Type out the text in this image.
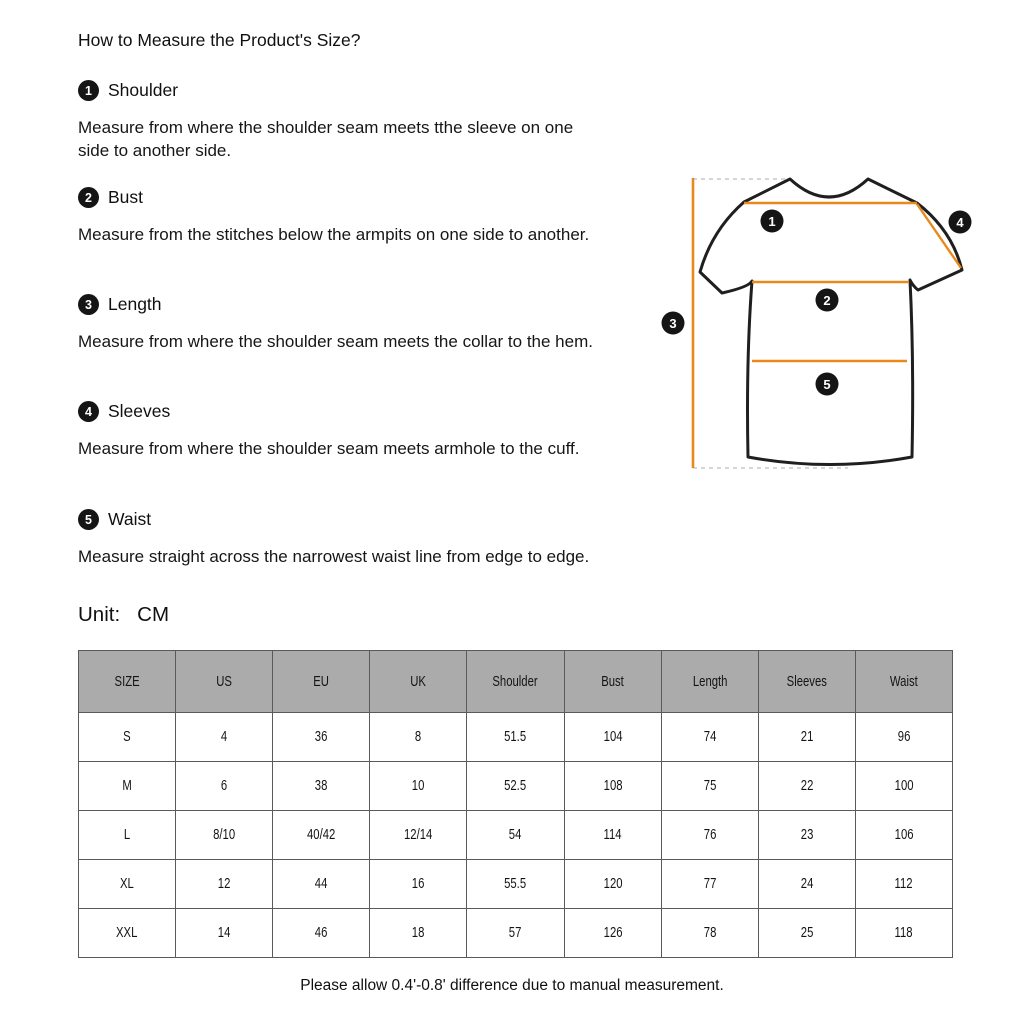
How to Measure the Product's Size?
1 Shoulder
Measure from where the shoulder seam meets tthe sleeve on one side to another side.
2 Bust
Measure from the stitches below the armpits on one side to another.
3 Length
Measure from where the shoulder seam meets the collar to the hem.
4 Sleeves
Measure from where the shoulder seam meets armhole to the cuff.
5 Waist
Measure straight across the narrowest waist line from edge to edge.
Unit: CM
1
2
3
4
5
SIZE	US	EU	UK	Shoulder	Bust	Length	Sleeves	Waist
S	4	36	8	51.5	104	74	21	96
M	6	38	10	52.5	108	75	22	100
L	8/10	40/42	12/14	54	114	76	23	106
XL	12	44	16	55.5	120	77	24	112
XXL	14	46	18	57	126	78	25	118
Please allow 0.4'-0.8' difference due to manual measurement.
